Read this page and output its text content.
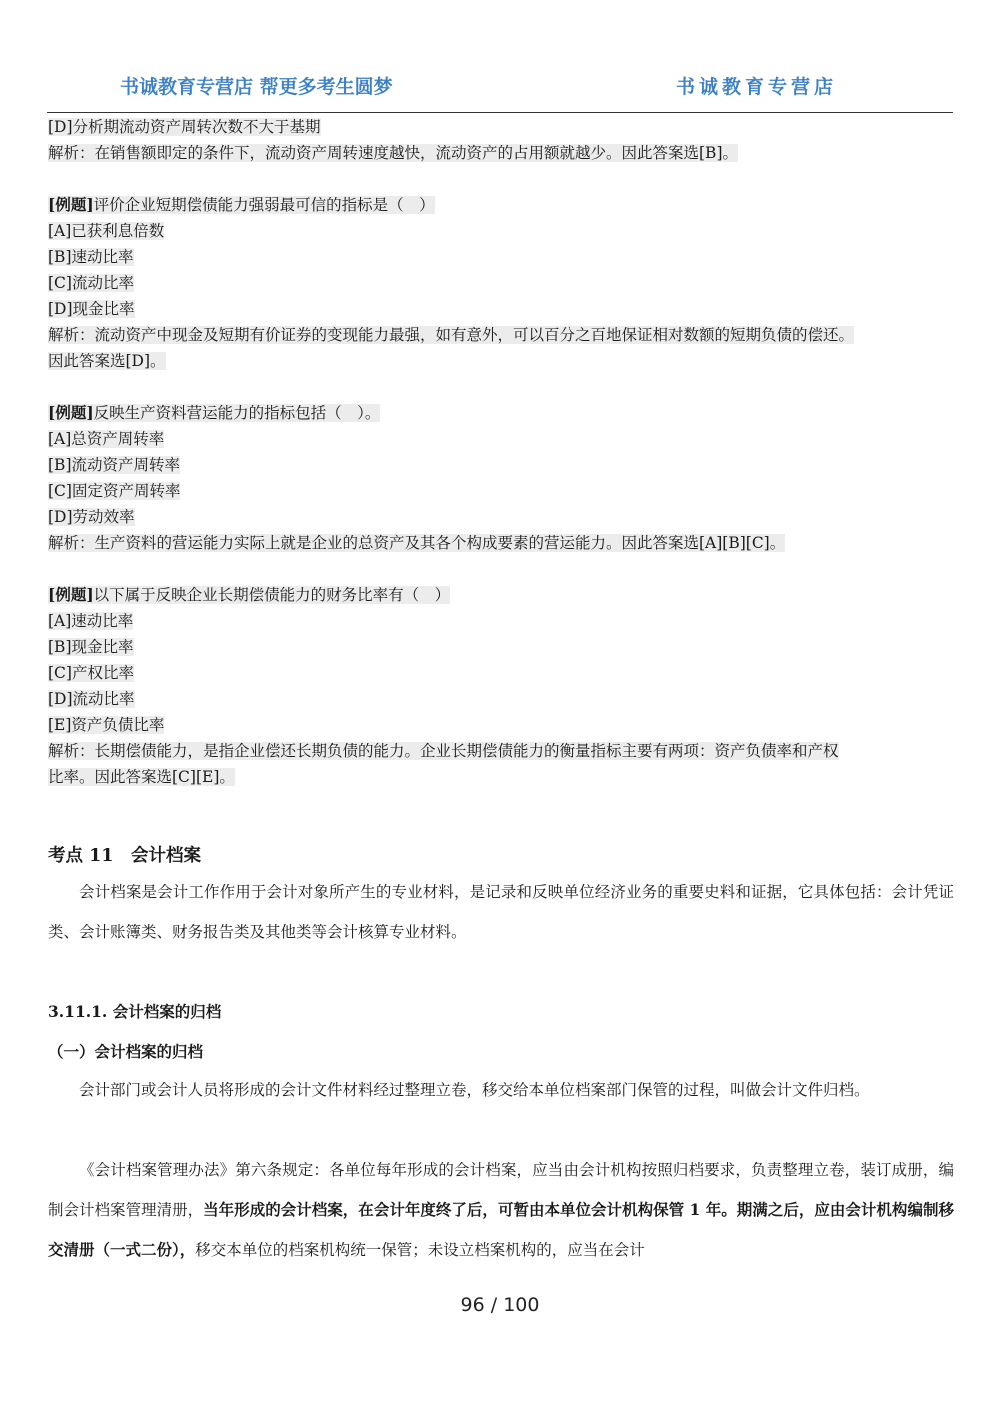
书诚教育专营店 帮更多考生圆梦	书诚教育专营店
[D]分析期流动资产周转次数不大于基期
解析：在销售额即定的条件下，流动资产周转速度越快，流动资产的占用额就越少。因此答案选[B]。
[例题]评价企业短期偿债能力强弱最可信的指标是（　）
[A]已获利息倍数
[B]速动比率
[C]流动比率
[D]现金比率
解析：流动资产中现金及短期有价证券的变现能力最强，如有意外，可以百分之百地保证相对数额的短期负债的偿还。
因此答案选[D]。
[例题]反映生产资料营运能力的指标包括（　）。
[A]总资产周转率
[B]流动资产周转率
[C]固定资产周转率
[D]劳动效率
解析：生产资料的营运能力实际上就是企业的总资产及其各个构成要素的营运能力。因此答案选[A][B][C]。
[例题]以下属于反映企业长期偿债能力的财务比率有（　）
[A]速动比率
[B]现金比率
[C]产权比率
[D]流动比率
[E]资产负债比率
解析：长期偿债能力，是指企业偿还长期负债的能力。企业长期偿债能力的衡量指标主要有两项：资产负债率和产权
比率。因此答案选[C][E]。
考点 11　会计档案
会计档案是会计工作作用于会计对象所产生的专业材料，是记录和反映单位经济业务的重要史料和证据，它具体包括：会计凭证类、会计账簿类、财务报告类及其他类等会计核算专业材料。
3.11.1. 会计档案的归档
（一）会计档案的归档
会计部门或会计人员将形成的会计文件材料经过整理立卷，移交给本单位档案部门保管的过程，叫做会计文件归档。
《会计档案管理办法》第六条规定：各单位每年形成的会计档案，应当由会计机构按照归档要求，负责整理立卷，装订成册，编制会计档案管理清册，当年形成的会计档案，在会计年度终了后，可暂由本单位会计机构保管 1 年。期满之后，应由会计机构编制移交清册（一式二份），移交本单位的档案机构统一保管；未设立档案机构的，应当在会计
96 / 100
